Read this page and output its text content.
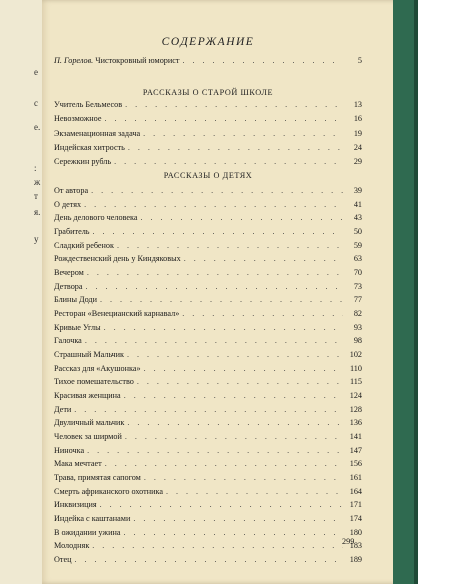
е
с
е.
:
ж
т
я.
у
СОДЕРЖАНИЕ
П. Горелов. Чистокровный юморист . . .	5
РАССКАЗЫ О СТАРОЙ ШКОЛЕ
Учитель Бельмесов . . .	13
Невозможное . . .	16
Экзаменационная задача . . .	19
Индейская хитрость . . .	24
Сережкин рубль . . .	29
РАССКАЗЫ О ДЕТЯХ
От автора . . .	39
О детях . . .	41
День делового человека . . .	43
Грабитель . . .	50
Сладкий ребенок . . .	59
Рождественский день у Киндяковых . . .	63
Вечером . . .	70
Детвора . . .	73
Блины Доди . . .	77
Ресторан «Венецианский карнавал» . . .	82
Кривые Углы . . .	93
Галочка . . .	98
Страшный Мальчик . . .	102
Рассказ для «Акушонка» . . .	110
Тихое помешательство . . .	115
Красивая женщина . . .	124
Дети . . .	128
Двуличный мальчик . . .	136
Человек за ширмой . . .	141
Ниночка . . .	147
Мака мечтает . . .	156
Трава, примятая сапогом . . .	161
Смерть африканского охотника . . .	164
Инквизиция . . .	171
Индейка с каштанами . . .	174
В ожидании ужина . . .	180
Молодняк . . .	183
Отец . . .	189
299
